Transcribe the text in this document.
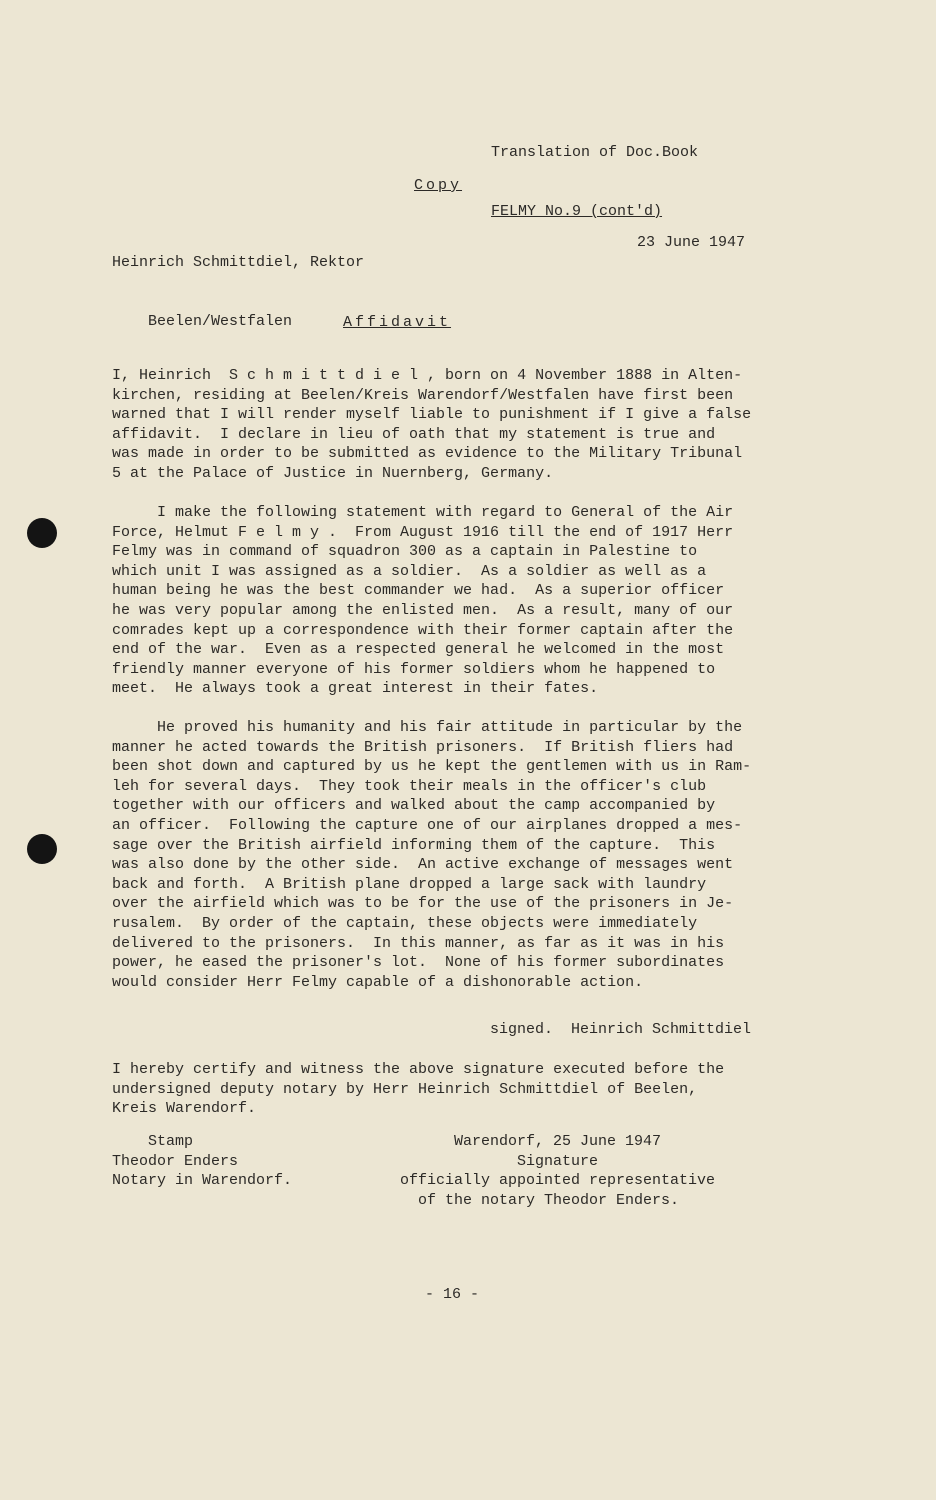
Translation of Doc.Book

FELMY No.9 (cont'd)

Copy

Heinrich Schmittdiel, Rektor

Beelen/Westfalen

23 June 1947
Affidavit
I, Heinrich  S c h m i t t d i e l , born on 4 November 1888 in Alten-
kirchen, residing at Beelen/Kreis Warendorf/Westfalen have first been
warned that I will render myself liable to punishment if I give a false
affidavit.  I declare in lieu of oath that my statement is true and
was made in order to be submitted as evidence to the Military Tribunal
5 at the Palace of Justice in Nuernberg, Germany.
I make the following statement with regard to General of the Air
Force, Helmut F e l m y .  From August 1916 till the end of 1917 Herr
Felmy was in command of squadron 300 as a captain in Palestine to
which unit I was assigned as a soldier.  As a soldier as well as a
human being he was the best commander we had.  As a superior officer
he was very popular among the enlisted men.  As a result, many of our
comrades kept up a correspondence with their former captain after the
end of the war.  Even as a respected general he welcomed in the most
friendly manner everyone of his former soldiers whom he happened to
meet.  He always took a great interest in their fates.
He proved his humanity and his fair attitude in particular by the
manner he acted towards the British prisoners.  If British fliers had
been shot down and captured by us he kept the gentlemen with us in Ram-
leh for several days.  They took their meals in the officer's club
together with our officers and walked about the camp accompanied by
an officer.  Following the capture one of our airplanes dropped a mes-
sage over the British airfield informing them of the capture.  This
was also done by the other side.  An active exchange of messages went
back and forth.  A British plane dropped a large sack with laundry
over the airfield which was to be for the use of the prisoners in Je-
rusalem.  By order of the captain, these objects were immediately
delivered to the prisoners.  In this manner, as far as it was in his
power, he eased the prisoner's lot.  None of his former subordinates
would consider Herr Felmy capable of a dishonorable action.
signed.  Heinrich Schmittdiel
I hereby certify and witness the above signature executed before the
undersigned deputy notary by Herr Heinrich Schmittdiel of Beelen,
Kreis Warendorf.
Stamp
Theodor Enders
Notary in Warendorf.
Warendorf, 25 June 1947
Signature
officially appointed representative
of the notary Theodor Enders.
- 16 -
